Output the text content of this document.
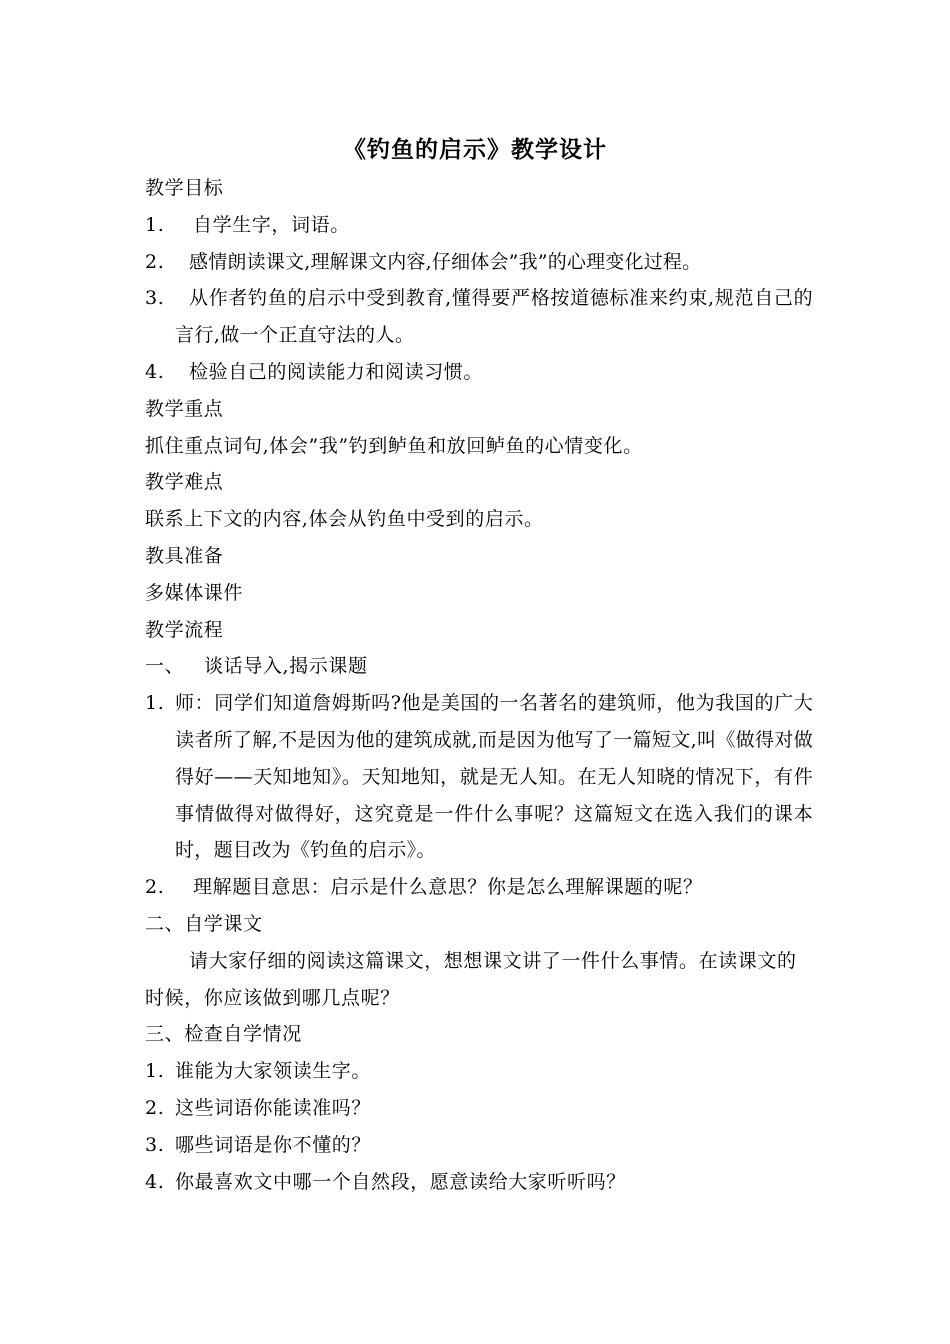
《钓鱼的启示》教学设计
教学目标
1. 自学生字，词语。
2. 感情朗读课文,理解课文内容,仔细体会”我”的心理变化过程。
3. 从作者钓鱼的启示中受到教育,懂得要严格按道德标准来约束,规范自己的言行,做一个正直守法的人。
4. 检验自己的阅读能力和阅读习惯。
教学重点
抓住重点词句,体会”我”钓到鲈鱼和放回鲈鱼的心情变化。
教学难点
联系上下文的内容,体会从钓鱼中受到的启示。
教具准备
多媒体课件
教学流程
一、   谈话导入,揭示课题
1. 师：同学们知道詹姆斯吗?他是美国的一名著名的建筑师，他为我国的广大读者所了解,不是因为他的建筑成就,而是因为他写了一篇短文,叫《做得对做得好——天知地知》。天知地知，就是无人知。在无人知晓的情况下，有件事情做得对做得好，这究竟是一件什么事呢？这篇短文在选入我们的课本时，题目改为《钓鱼的启示》。
2. 理解题目意思：启示是什么意思？你是怎么理解课题的呢？
二、自学课文
请大家仔细的阅读这篇课文，想想课文讲了一件什么事情。在读课文的时候，你应该做到哪几点呢？
三、检查自学情况
1. 谁能为大家领读生字。
2. 这些词语你能读准吗？
3. 哪些词语是你不懂的？
4. 你最喜欢文中哪一个自然段，愿意读给大家听听吗？
